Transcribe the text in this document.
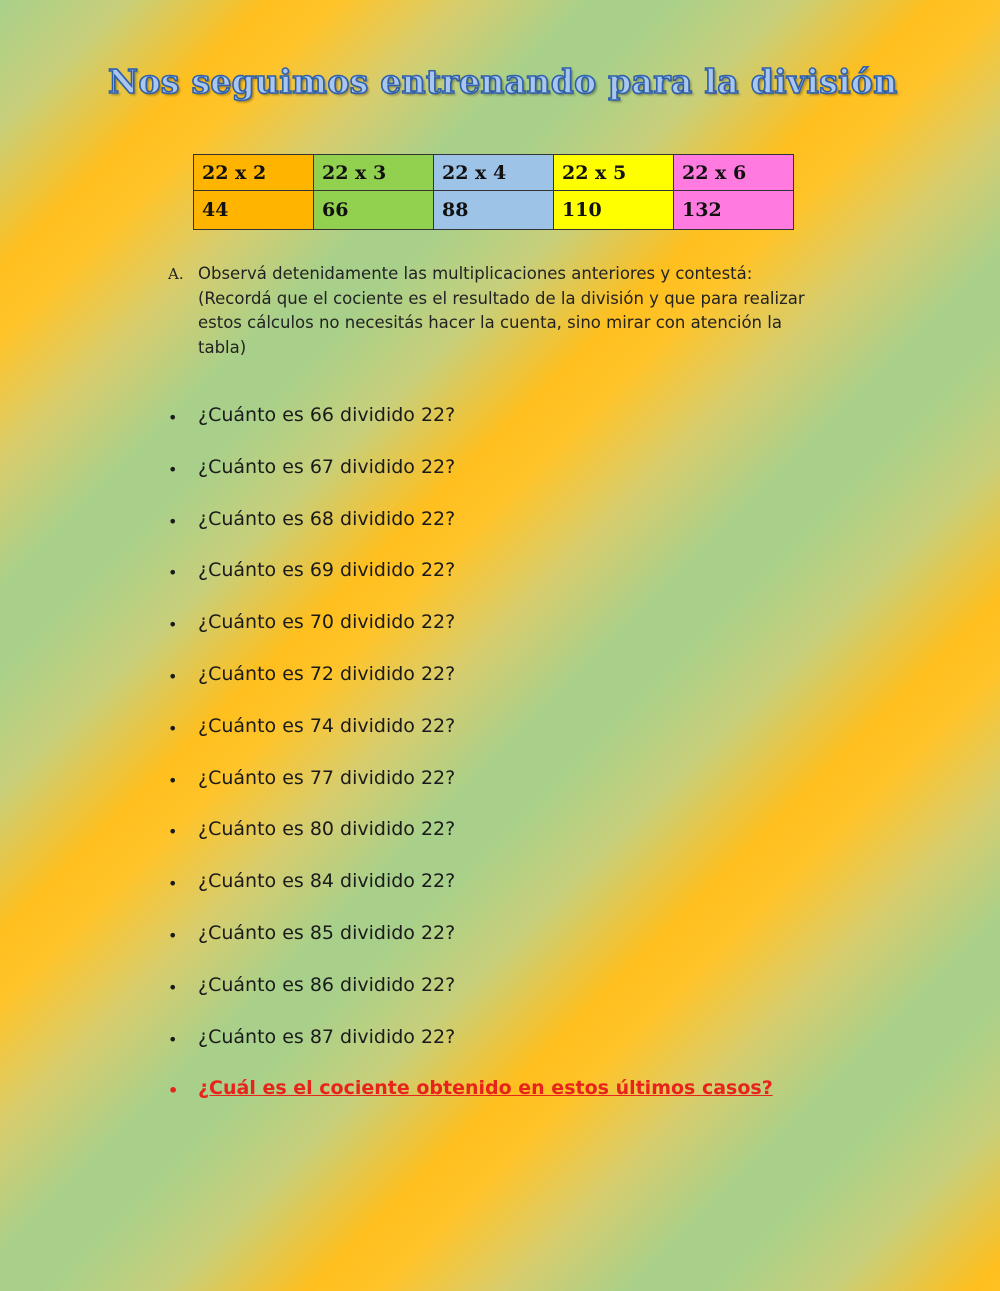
Nos seguimos entrenando para la división
22 x 2	22 x 3	22 x 4	22 x 5	22 x 6
44	66	88	110	132
A. Observá detenidamente las multiplicaciones anteriores y contestá:
(Recordá que el cociente es el resultado de la división y que para realizar
estos cálculos no necesitás hacer la cuenta, sino mirar con atención la
tabla)
• ¿Cuánto es 66 dividido 22?
• ¿Cuánto es 67 dividido 22?
• ¿Cuánto es 68 dividido 22?
• ¿Cuánto es 69 dividido 22?
• ¿Cuánto es 70 dividido 22?
• ¿Cuánto es 72 dividido 22?
• ¿Cuánto es 74 dividido 22?
• ¿Cuánto es 77 dividido 22?
• ¿Cuánto es 80 dividido 22?
• ¿Cuánto es 84 dividido 22?
• ¿Cuánto es 85 dividido 22?
• ¿Cuánto es 86 dividido 22?
• ¿Cuánto es 87 dividido 22?
• ¿Cuál es el cociente obtenido en estos últimos casos?
